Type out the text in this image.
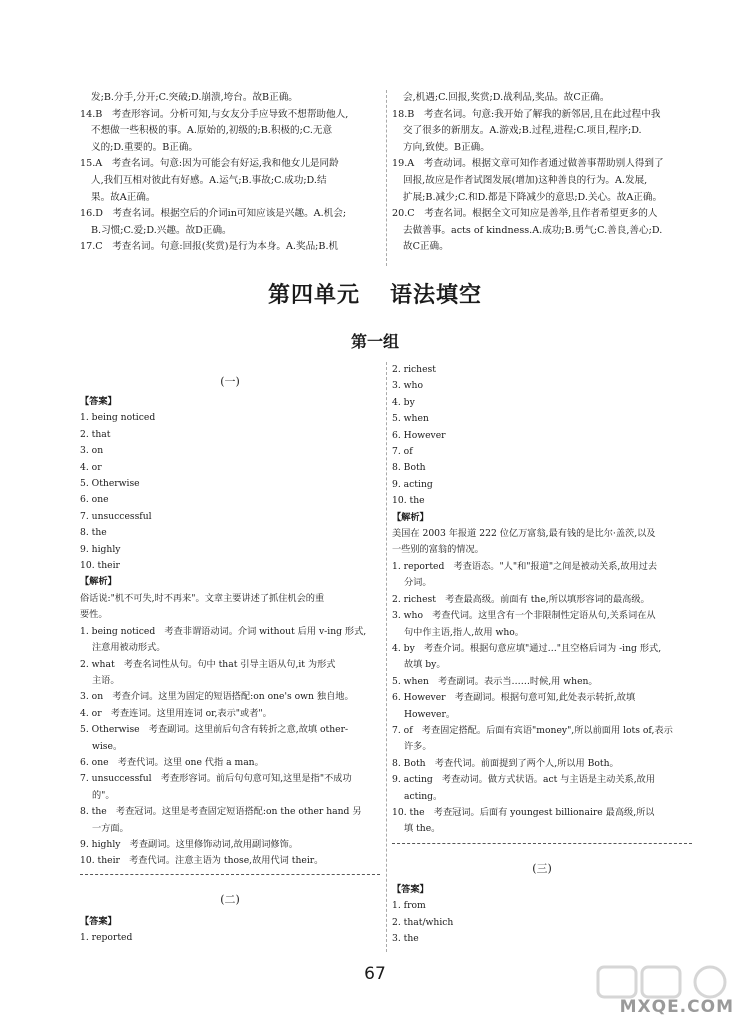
发;B.分手,分开;C.突破;D.崩溃,垮台。故B正确。

14.B　考查形容词。分析可知,与女友分手应导致不想帮助他人,

不想做一些积极的事。A.原始的,初级的;B.积极的;C.无意

义的;D.重要的。B正确。

15.A　考查名词。句意:因为可能会有好运,我和他女儿是同龄

人,我们互相对彼此有好感。A.运气;B.事故;C.成功;D.结

果。故A正确。

16.D　考查名词。根据空后的介词in可知应该是兴趣。A.机会;

B.习惯;C.爱;D.兴趣。故D正确。

17.C　考查名词。句意:回报(奖赏)是行为本身。A.奖品;B.机

会,机遇;C.回报,奖赏;D.战利品,奖品。故C正确。

18.B　考查名词。句意:我开始了解我的新邻居,且在此过程中我

交了很多的新朋友。A.游戏;B.过程,进程;C.项目,程序;D.

方向,致使。B正确。

19.A　考查动词。根据文章可知作者通过做善事帮助别人得到了

回报,故应是作者试图发展(增加)这种善良的行为。A.发展,

扩展;B.减少;C.和D.都是下降减少的意思;D.关心。故A正确。

20.C　考查名词。根据全文可知应是善举,且作者希望更多的人

去做善事。acts of kindness.A.成功;B.勇气;C.善良,善心;D.

故C正确。

第四单元 语法填空
第一组
(一)

【答案】

1. being noticed

2. that

3. on

4. or

5. Otherwise

6. one

7. unsuccessful

8. the

9. highly

10. their

【解析】

俗话说:"机不可失,时不再来"。文章主要讲述了抓住机会的重

要性。

1. being noticed　考查非谓语动词。介词 without 后用 v-ing 形式,

注意用被动形式。

2. what　考查名词性从句。句中 that 引导主语从句,it 为形式

主语。

3. on　考查介词。这里为固定的短语搭配:on one's own 独自地。

4. or　考查连词。这里用连词 or,表示"或者"。

5. Otherwise　考查副词。这里前后句含有转折之意,故填 other-

wise。

6. one　考查代词。这里 one 代指 a man。

7. unsuccessful　考查形容词。前后句句意可知,这里是指"不成功

的"。

8. the　考查冠词。这里是考查固定短语搭配:on the other hand 另

一方面。

9. highly　考查副词。这里修饰动词,故用副词修饰。

10. their　考查代词。注意主语为 those,故用代词 their。

(二)

【答案】

1. reported

2. richest

3. who

4. by

5. when

6. However

7. of

8. Both

9. acting

10. the

【解析】

美国在 2003 年报道 222 位亿万富翁,最有钱的是比尔·盖茨,以及

一些别的富翁的情况。

1. reported　考查语态。"人"和"报道"之间是被动关系,故用过去

分词。

2. richest　考查最高级。前面有 the,所以填形容词的最高级。

3. who　考查代词。这里含有一个非限制性定语从句,关系词在从

句中作主语,指人,故用 who。

4. by　考查介词。根据句意应填"通过…"且空格后词为 -ing 形式,

故填 by。

5. when　考查副词。表示当……时候,用 when。

6. However　考查副词。根据句意可知,此处表示转折,故填

However。

7. of　考查固定搭配。后面有宾语"money",所以前面用 lots of,表示

许多。

8. Both　考查代词。前面提到了两个人,所以用 Both。

9. acting　考查动词。做方式状语。act 与主语是主动关系,故用

acting。

10. the　考查冠词。后面有 youngest billionaire 最高级,所以

填 the。

(三)

【答案】

1. from

2. that/which

3. the

67
MXQE.COM
